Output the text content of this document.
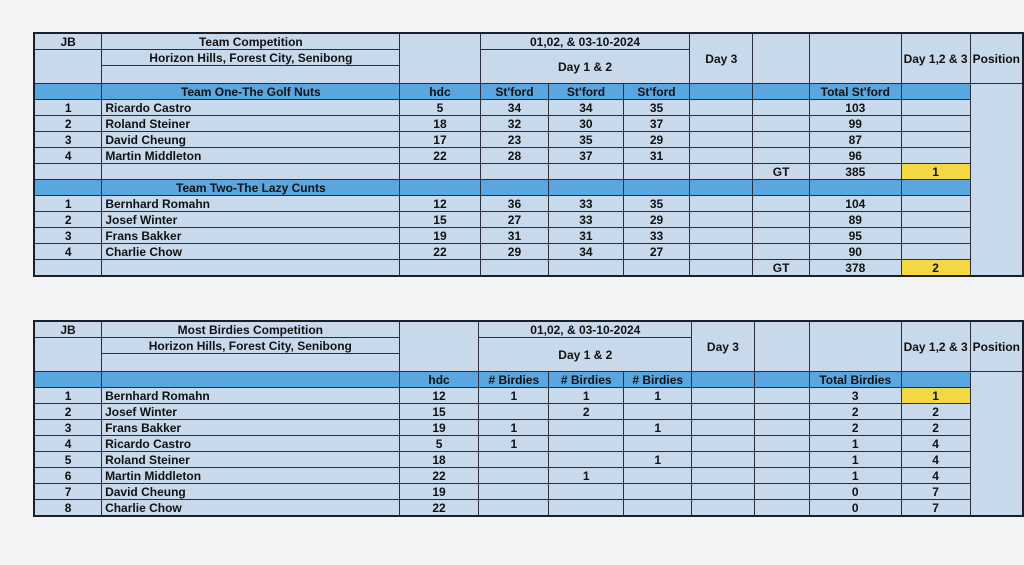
JB	Team Competition		01,02, & 03-10-2024			Day 3			Day 1,2 & 3	Position
	Horizon Hills, Forest City, Senibong		Day 1 & 2							

	Team One-The Golf Nuts	hdc	St'ford	St'ford	St'ford			Total St'ford		
1	Ricardo Castro	5	34	34	35			103		
2	Roland Steiner	18	32	30	37			99		
3	David Cheung	17	23	35	29			87		
4	Martin Middleton	22	28	37	31			96		
							GT	385	1	
	Team Two-The Lazy Cunts									
1	Bernhard Romahn	12	36	33	35			104		
2	Josef Winter	15	27	33	29			89		
3	Frans Bakker	19	31	31	33			95		
4	Charlie Chow	22	29	34	27			90		
							GT	378	2	
JB	Most Birdies Competition		01,02, & 03-10-2024			Day 3			Day 1,2 & 3	Position
	Horizon Hills, Forest City, Senibong		Day 1 & 2							

		hdc	# Birdies	# Birdies	# Birdies			Total Birdies		
1	Bernhard Romahn	12	1	1	1			3	1	
2	Josef Winter	15		2				2	2	
3	Frans Bakker	19	1		1			2	2	
4	Ricardo Castro	5	1					1	4	
5	Roland Steiner	18			1			1	4	
6	Martin Middleton	22		1				1	4	
7	David Cheung	19						0	7	
8	Charlie Chow	22						0	7	
